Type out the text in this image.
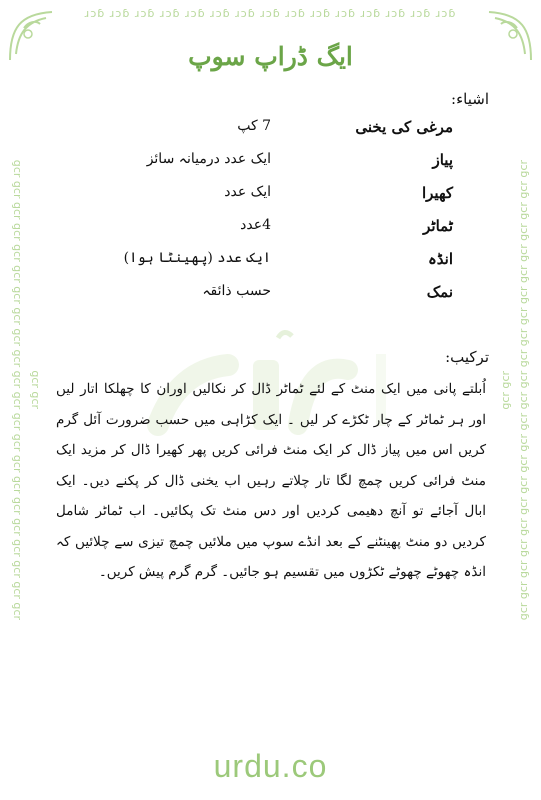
ɹɔɓ ɹɔɓ ɹɔɓ ɹɔɓ ɹɔɓ ɹɔɓ ɹɔɓ ɹɔɓ ɹɔɓ ɹɔɓ ɹɔɓ ɹɔɓ ɹɔɓ ɹɔɓ ɹɔɓ
ɹɔɓ ɹɔɓ ɹɔɓ ɹɔɓ ɹɔɓ ɹɔɓ ɹɔɓ ɹɔɓ ɹɔɓ ɹɔɓ ɹɔɓ ɹɔɓ ɹɔɓ ɹɔɓ ɹɔɓ ɹɔɓ ɹɔɓ ɹɔɓ ɹɔɓ ɹɔɓ ɹɔɓ ɹɔɓ ɹɔɓ ɹɔɓ	ɹɔɓ ɹɔɓ ɹɔɓ ɹɔɓ ɹɔɓ ɹɔɓ ɹɔɓ ɹɔɓ ɹɔɓ ɹɔɓ ɹɔɓ ɹɔɓ ɹɔɓ ɹɔɓ ɹɔɓ ɹɔɓ ɹɔɓ ɹɔɓ ɹɔɓ ɹɔɓ ɹɔɓ ɹɔɓ ɹɔɓ ɹɔɓ
ایگ ڈراپ سوپ
اشیاء:
مرغی کی یخنی
7 کپ
پیاز
ایک عدد درمیانہ سائز
کھیرا
ایک عدد
ٹماٹر
4عدد
انڈہ
ایک عدد (پھینٹا ہوا)
نمک
حسب ذائقہ
ترکیب:
اُبلتے پانی میں ایک منٹ کے لئے ٹماٹر ڈال کر نکالیں اوران کا چھلکا اتار لیں اور ہر ٹماٹر کے چار ٹکڑے کر لیں ۔ ایک کڑاہی میں حسب ضرورت آئل گرم کریں اس میں پیاز ڈال کر ایک منٹ فرائی کریں پھر کھیرا ڈال کر مزید ایک منٹ فرائی کریں چمچ لگا تار چلاتے رہیں اب یخنی ڈال کر پکنے دیں۔ ایک ابال آجائے تو آنچ دھیمی کردیں اور دس منٹ تک پکائیں۔ اب ٹماٹر شامل کردیں دو منٹ پھینٹنے کے بعد انڈے سوپ میں ملائیں چمچ تیزی سے چلائیں کہ انڈہ چھوٹے چھوٹے ٹکڑوں میں تقسیم ہو جائیں۔ گرم گرم پیش کریں۔
urdu.co
